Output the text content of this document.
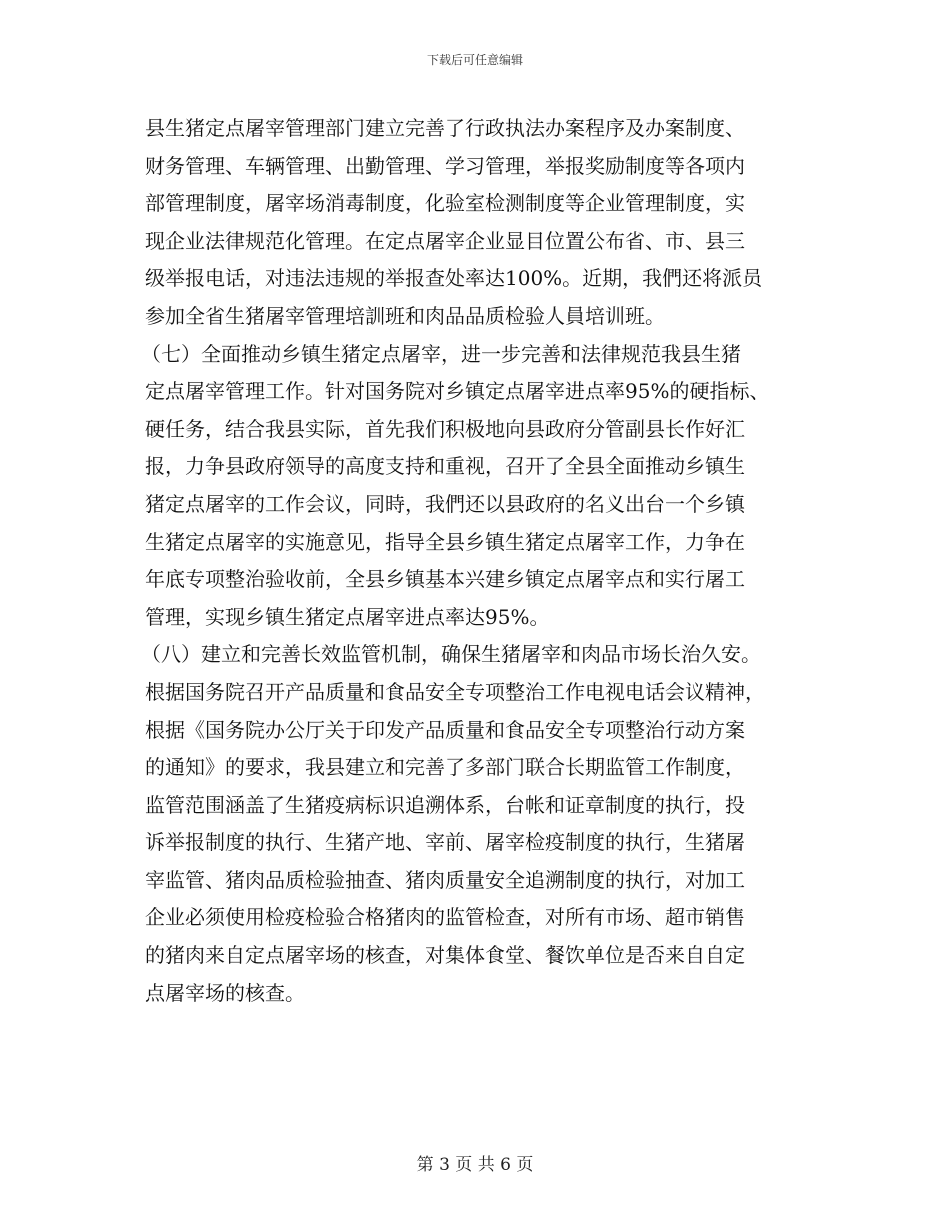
下载后可任意编辑
县生猪定点屠宰管理部门建立完善了行政执法办案程序及办案制度、
财务管理、车辆管理、出勤管理、学习管理，举报奖励制度等各项内
部管理制度，屠宰场消毒制度，化验室检测制度等企业管理制度，实
现企业法律规范化管理。在定点屠宰企业显目位置公布省、市、县三
级举报电话，对违法违规的举报查处率达100%。近期，我們还将派员
参加全省生猪屠宰管理培訓班和肉品品质检验人員培训班。
（七）全面推动乡镇生猪定点屠宰，进一步完善和法律规范我县生猪
定点屠宰管理工作。针对国务院对乡镇定点屠宰进点率95%的硬指标、
硬任务，结合我县实际，首先我们积极地向县政府分管副县长作好汇
报，力争县政府领导的高度支持和重视，召开了全县全面推动乡镇生
猪定点屠宰的工作会议，同時，我們还以县政府的名义出台一个乡镇
生猪定点屠宰的实施意见，指导全县乡镇生猪定点屠宰工作，力争在
年底专项整治验收前，全县乡镇基本兴建乡镇定点屠宰点和实行屠工
管理，实现乡镇生猪定点屠宰进点率达95%。
（八）建立和完善长效监管机制，确保生猪屠宰和肉品市场长治久安。
根据国务院召开产品质量和食品安全专项整治工作电视电话会议精神，
根据《国务院办公厅关于印发产品质量和食品安全专项整治行动方案
的通知》的要求，我县建立和完善了多部门联合长期监管工作制度，
监管范围涵盖了生猪疫病标识追溯体系，台帐和证章制度的执行，投
诉举报制度的执行、生猪产地、宰前、屠宰检疫制度的执行，生猪屠
宰监管、猪肉品质检验抽查、猪肉质量安全追溯制度的执行，对加工
企业必须使用检疫检验合格猪肉的监管检查，对所有市场、超市销售
的猪肉来自定点屠宰场的核查，对集体食堂、餐饮单位是否来自自定
点屠宰场的核查。
第 3 页 共 6 页
